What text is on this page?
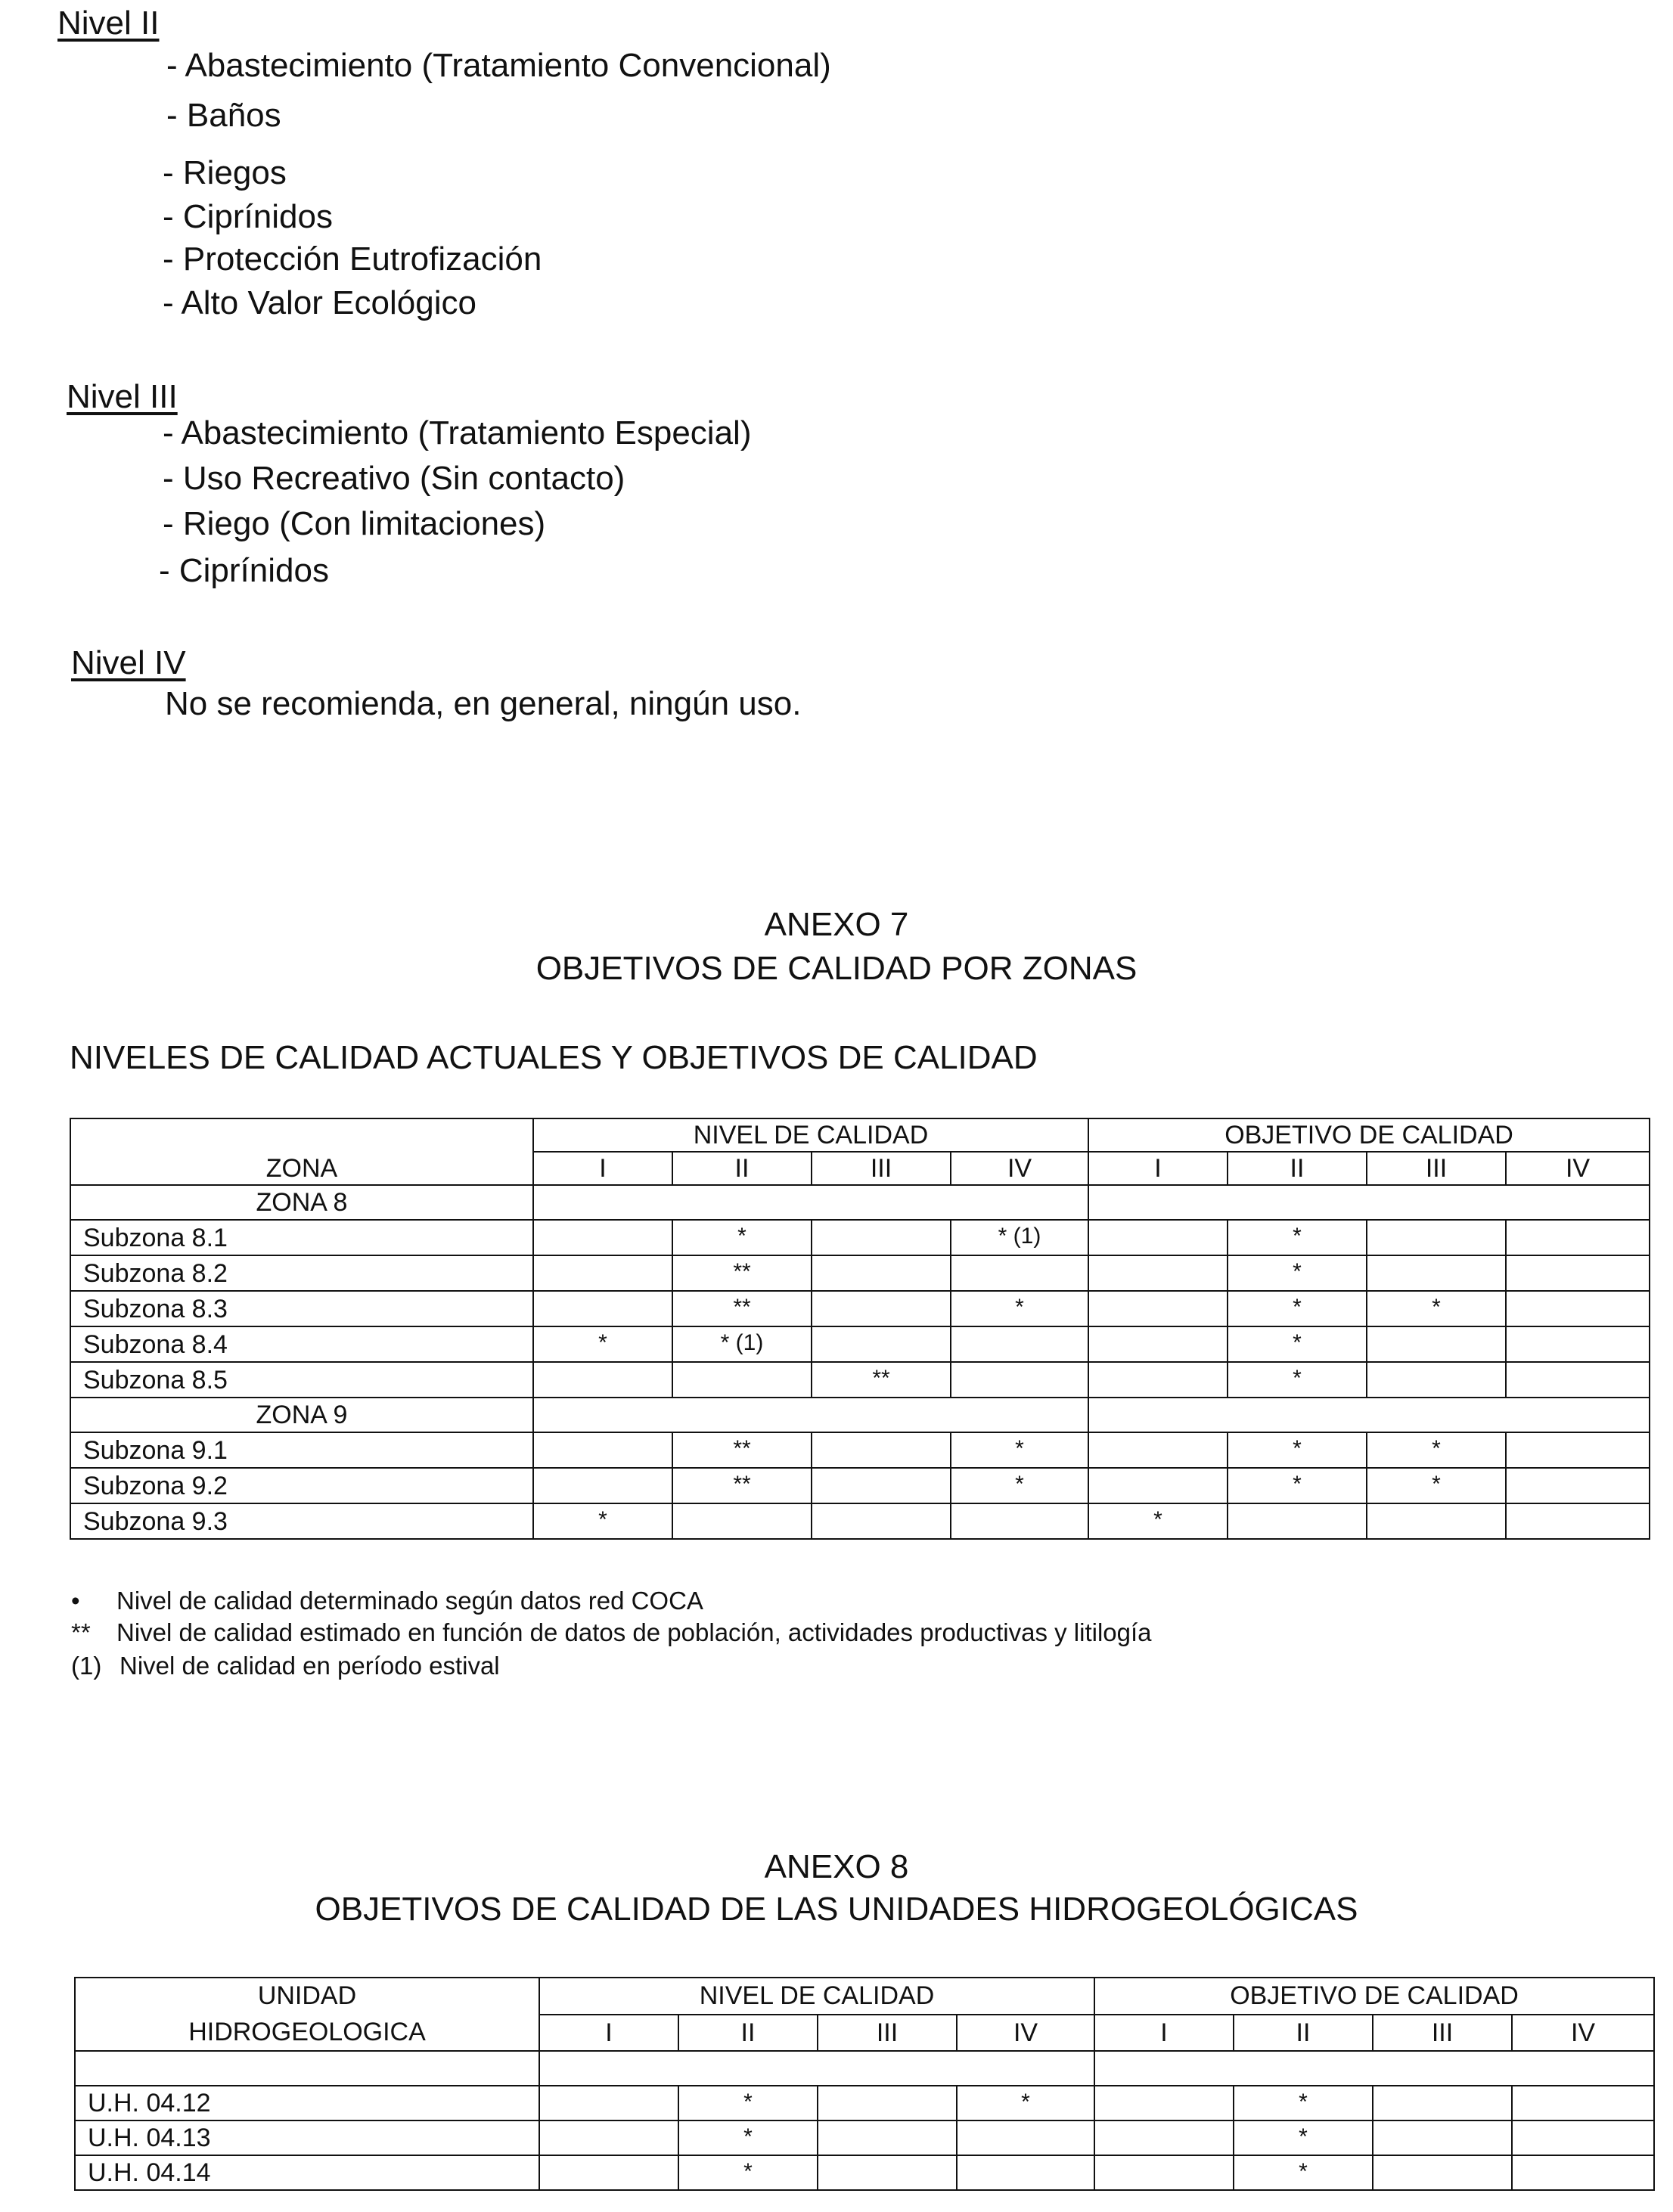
Nivel II
- Abastecimiento (Tratamiento Convencional)
- Baños
- Riegos
- Ciprínidos
- Protección Eutrofización
- Alto Valor Ecológico
Nivel III
- Abastecimiento (Tratamiento Especial)
- Uso Recreativo (Sin contacto)
- Riego (Con limitaciones)
- Ciprínidos
Nivel IV
No se recomienda, en general, ningún uso.
ANEXO 7
OBJETIVOS DE CALIDAD POR ZONAS
NIVELES DE CALIDAD ACTUALES Y OBJETIVOS DE CALIDAD
ZONA	NIVEL DE CALIDAD				OBJETIVO DE CALIDAD			
	I	II	III	IV	I	II	III	IV
ZONA 8								
Subzona 8.1		*		* (1)		*		
Subzona 8.2		**				*		
Subzona 8.3		**		*		*	*	
Subzona 8.4	*	* (1)				*		
Subzona 8.5			**			*		
ZONA 9								
Subzona 9.1		**		*		*	*	
Subzona 9.2		**		*		*	*	
Subzona 9.3	*				*			
• Nivel de calidad determinado según datos red COCA
** Nivel de calidad estimado en función de datos de población, actividades productivas y litilogía
(1) Nivel de calidad en período estival
ANEXO 8
OBJETIVOS DE CALIDAD DE LAS UNIDADES HIDROGEOLÓGICAS
UNIDAD
HIDROGEOLOGICA	NIVEL DE CALIDAD				OBJETIVO DE CALIDAD			
	I	II	III	IV	I	II	III	IV

U.H. 04.12		*		*		*		
U.H. 04.13		*				*		
U.H. 04.14		*				*		
